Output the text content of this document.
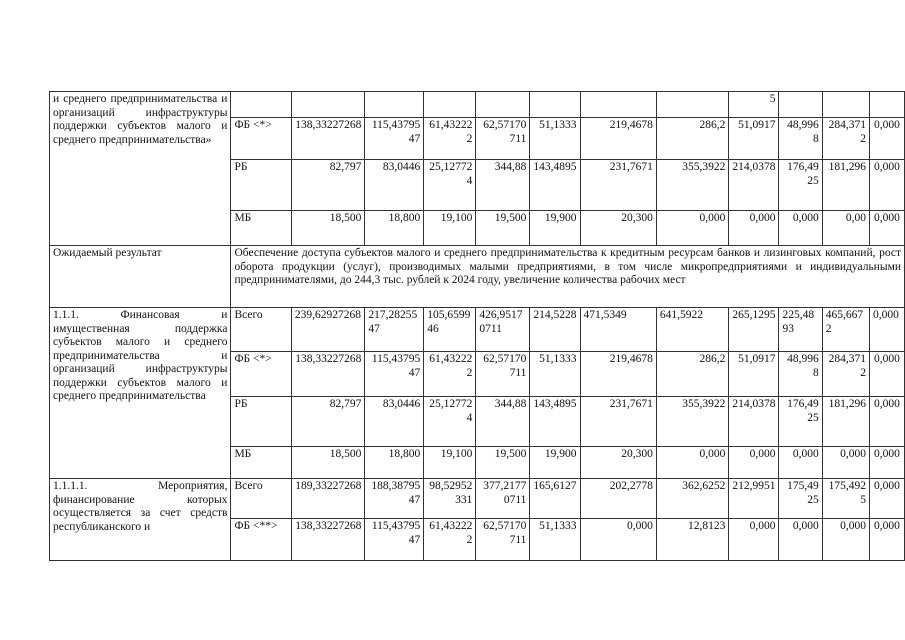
и среднего предпринимательства и организаций инфраструктуры поддержки субъектов малого и среднего предпринимательства»									5			
	ФБ <*>	138,33227268	115,4379547	61,432222	62,57170711	51,1333	219,4678	286,2	51,0917	48,9968	284,3712	0,000
	РБ	82,797	83,0446	25,127724	344,88	143,4895	231,7671	355,3922	214,0378	176,4925	181,296	0,000
	МБ	18,500	18,800	19,100	19,500	19,900	20,300	0,000	0,000	0,000	0,00	0,000
Ожидаемый результат	Обеспечение доступа субъектов малого и среднего предпринимательства к кредитным ресурсам банков и лизинговых компаний, рост оборота продукции (услуг), производимых малыми предприятиями, в том числе микропредприятиями и индивидуальными предпринимателями, до 244,3 тыс. рублей к 2024 году, увеличение количества рабочих мест											
1.1.1. Финансовая и имущественная поддержка субъектов малого и среднего предпринимательства и организаций инфраструктуры поддержки субъектов малого и среднего предпринимательства	Всего	239,62927268	217,2825547	105,659946	426,95170711	214,5228	471,5349	641,5922	265,1295	225,4893	465,6672	0,000
	ФБ <*>	138,33227268	115,4379547	61,432222	62,57170711	51,1333	219,4678	286,2	51,0917	48,9968	284,3712	0,000
	РБ	82,797	83,0446	25,127724	344,88	143,4895	231,7671	355,3922	214,0378	176,4925	181,296	0,000
	МБ	18,500	18,800	19,100	19,500	19,900	20,300	0,000	0,000	0,000	0,000	0,000
1.1.1.1. Мероприятия, финансирование которых осуществляется за счет средств республиканского и	Всего	189,33227268	188,3879547	98,52952331	377,21770711	165,6127	202,2778	362,6252	212,9951	175,4925	175,4925	0,000
	ФБ <**>	138,33227268	115,4379547	61,432222	62,57170711	51,1333	0,000	12,8123	0,000	0,000	0,000	0,000
